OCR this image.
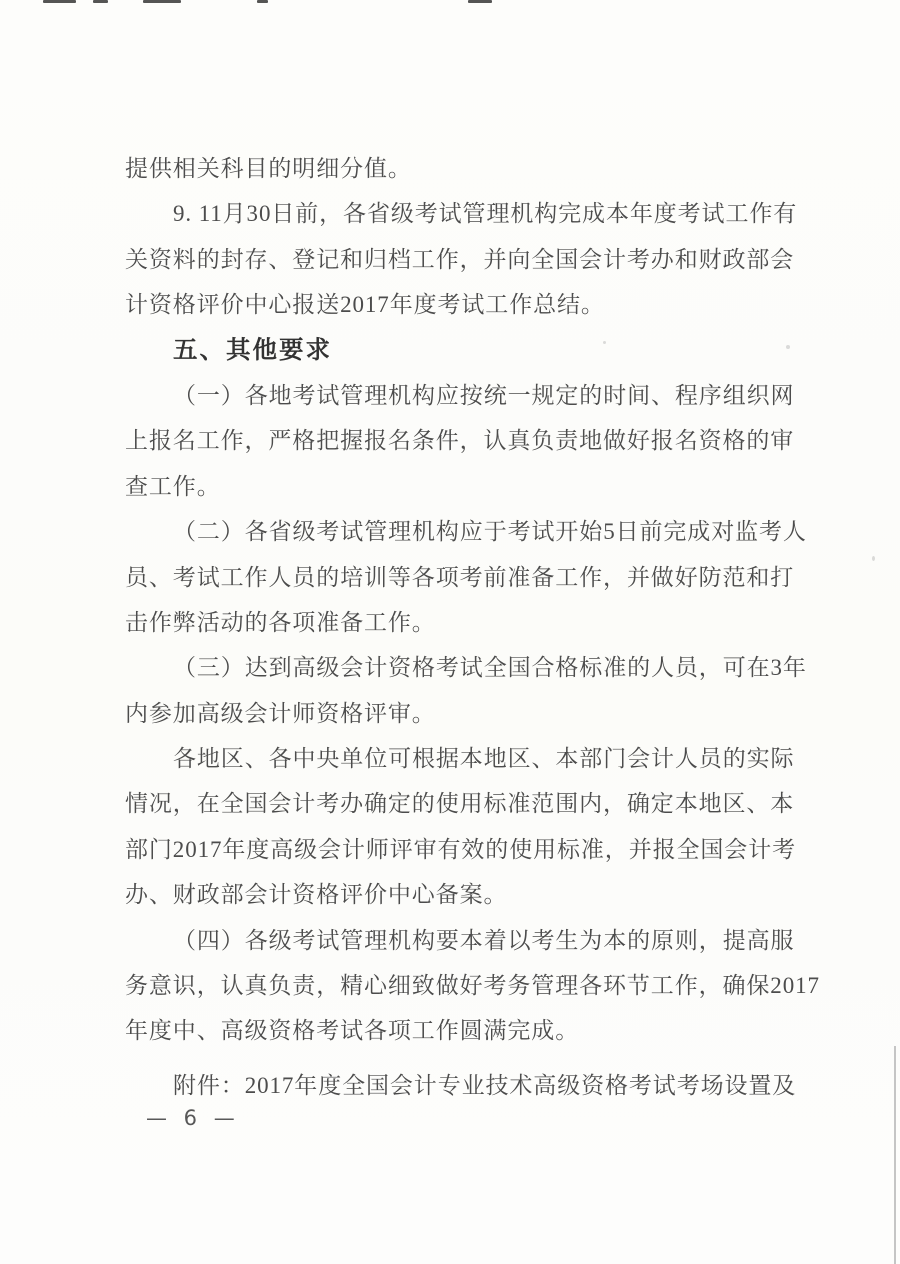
提供相关科目的明细分值。
9. 11月30日前，各省级考试管理机构完成本年度考试工作有
关资料的封存、登记和归档工作，并向全国会计考办和财政部会
计资格评价中心报送2017年度考试工作总结。
五、其他要求
（一）各地考试管理机构应按统一规定的时间、程序组织网
上报名工作，严格把握报名条件，认真负责地做好报名资格的审
查工作。
（二）各省级考试管理机构应于考试开始5日前完成对监考人
员、考试工作人员的培训等各项考前准备工作，并做好防范和打
击作弊活动的各项准备工作。
（三）达到高级会计资格考试全国合格标准的人员，可在3年
内参加高级会计师资格评审。
各地区、各中央单位可根据本地区、本部门会计人员的实际
情况，在全国会计考办确定的使用标准范围内，确定本地区、本
部门2017年度高级会计师评审有效的使用标准，并报全国会计考
办、财政部会计资格评价中心备案。
（四）各级考试管理机构要本着以考生为本的原则，提高服
务意识，认真负责，精心细致做好考务管理各环节工作，确保2017
年度中、高级资格考试各项工作圆满完成。
附件：2017年度全国会计专业技术高级资格考试考场设置及
— 6 —
